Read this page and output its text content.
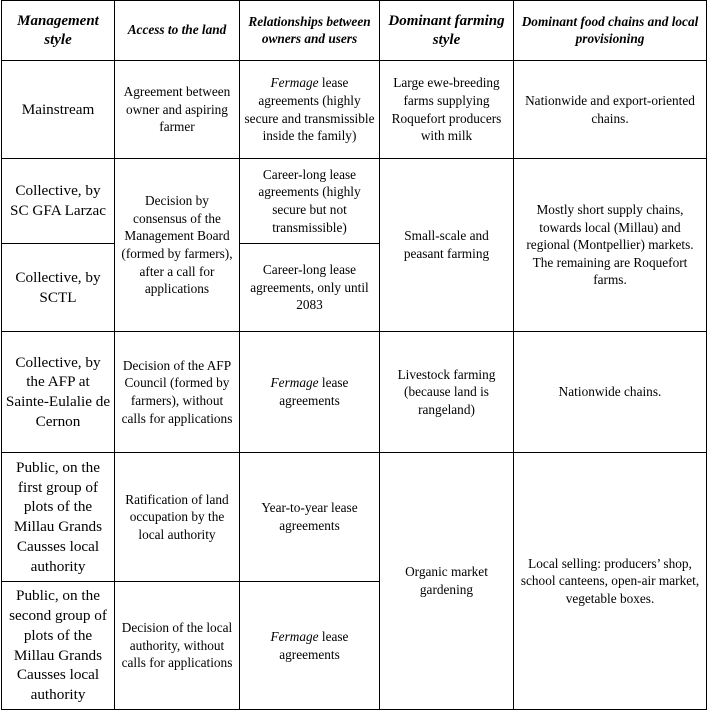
Management style	Access to the land	Relationships between owners and users	Dominant farming style	Dominant food chains and local provisioning
Mainstream	Agreement between owner and aspiring farmer	Fermage lease agreements (highly secure and transmissible inside the family)	Large ewe-breeding farms supplying Roquefort producers with milk	Nationwide and export-oriented chains.
Collective, by SC GFA Larzac	Decision by consensus of the Management Board (formed by farmers), after a call for applications	Career-long lease agreements (highly secure but not transmissible)	Small-scale and peasant farming	Mostly short supply chains, towards local (Millau) and regional (Montpellier) markets. The remaining are Roquefort farms.
Collective, by SCTL		Career-long lease agreements, only until 2083		
Collective, by the AFP at Sainte-Eulalie de Cernon	Decision of the AFP Council (formed by farmers), without calls for applications	Fermage lease agreements	Livestock farming (because land is rangeland)	Nationwide chains.
Public, on the first group of plots of the Millau Grands Causses local authority	Ratification of land occupation by the local authority	Year-to-year lease agreements	Organic market gardening	Local selling: producers’ shop, school canteens, open-air market, vegetable boxes.
Public, on the second group of plots of the Millau Grands Causses local authority	Decision of the local authority, without calls for applications	Fermage lease agreements		
